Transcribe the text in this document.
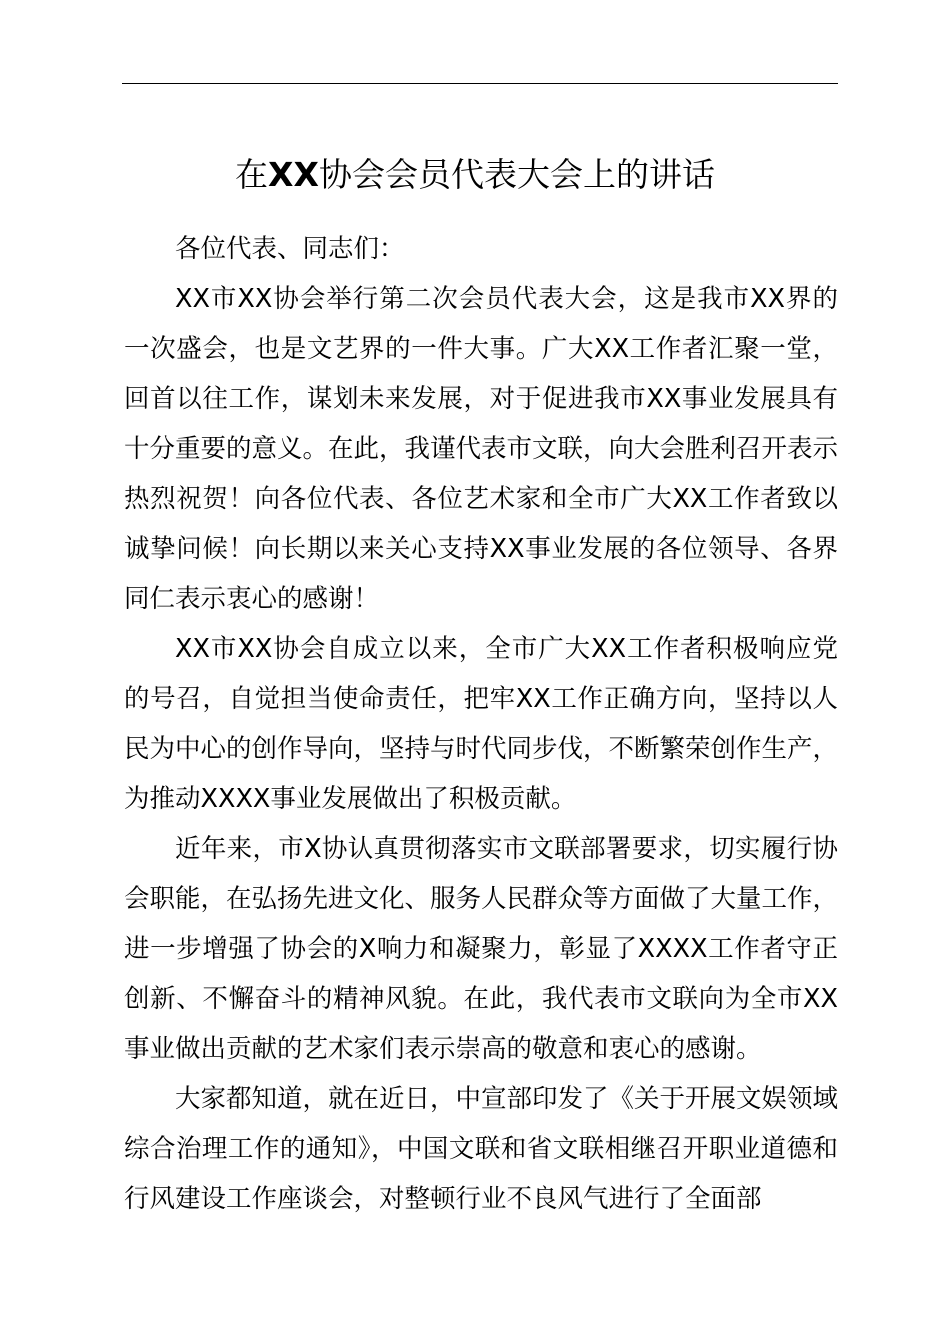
在XX协会会员代表大会上的讲话

各位代表、同志们：

XX市XX协会举行第二次会员代表大会，这是我市XX界的一次盛会，也是文艺界的一件大事。广大XX工作者汇聚一堂，回首以往工作，谋划未来发展，对于促进我市XX事业发展具有十分重要的意义。在此，我谨代表市文联，向大会胜利召开表示热烈祝贺！向各位代表、各位艺术家和全市广大XX工作者致以诚挚问候！向长期以来关心支持XX事业发展的各位领导、各界同仁表示衷心的感谢！

XX市XX协会自成立以来，全市广大XX工作者积极响应党的号召，自觉担当使命责任，把牢XX工作正确方向，坚持以人民为中心的创作导向，坚持与时代同步伐，不断繁荣创作生产，为推动XXXX事业发展做出了积极贡献。

近年来，市X协认真贯彻落实市文联部署要求，切实履行协会职能，在弘扬先进文化、服务人民群众等方面做了大量工作，进一步增强了协会的X响力和凝聚力，彰显了XXXX工作者守正创新、不懈奋斗的精神风貌。在此，我代表市文联向为全市XX事业做出贡献的艺术家们表示崇高的敬意和衷心的感谢。

大家都知道，就在近日，中宣部印发了《关于开展文娱领域综合治理工作的通知》，中国文联和省文联相继召开职业道德和行风建设工作座谈会，对整顿行业不良风气进行了全面部
